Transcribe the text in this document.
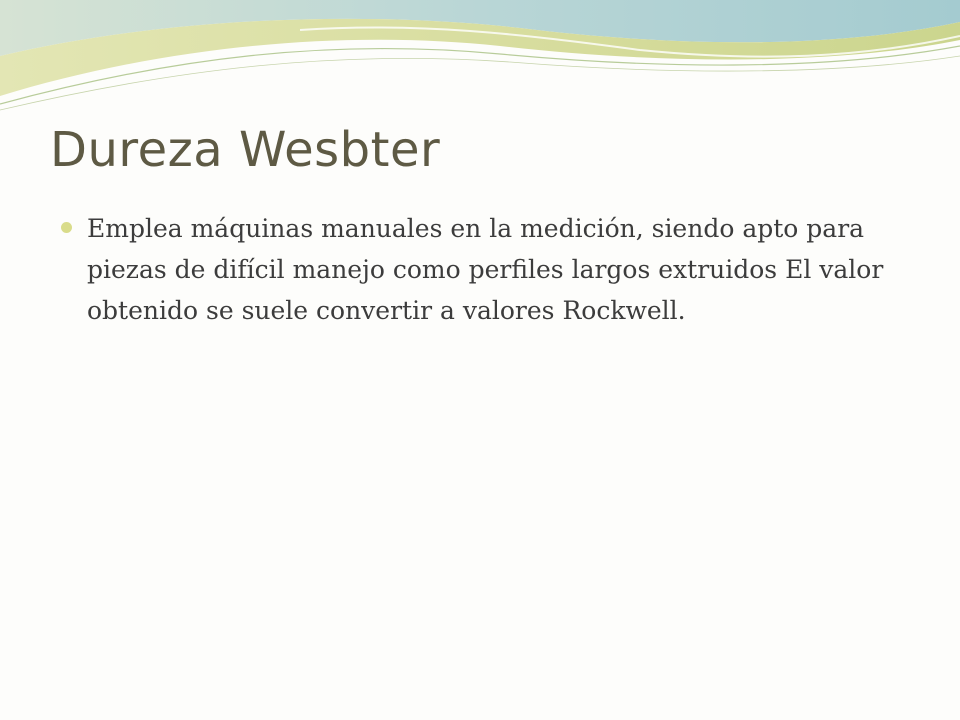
Dureza Wesbter
Emplea máquinas manuales en la medición, siendo apto para piezas de difícil manejo como perfiles largos extruidos El valor obtenido se suele convertir a valores Rockwell.
